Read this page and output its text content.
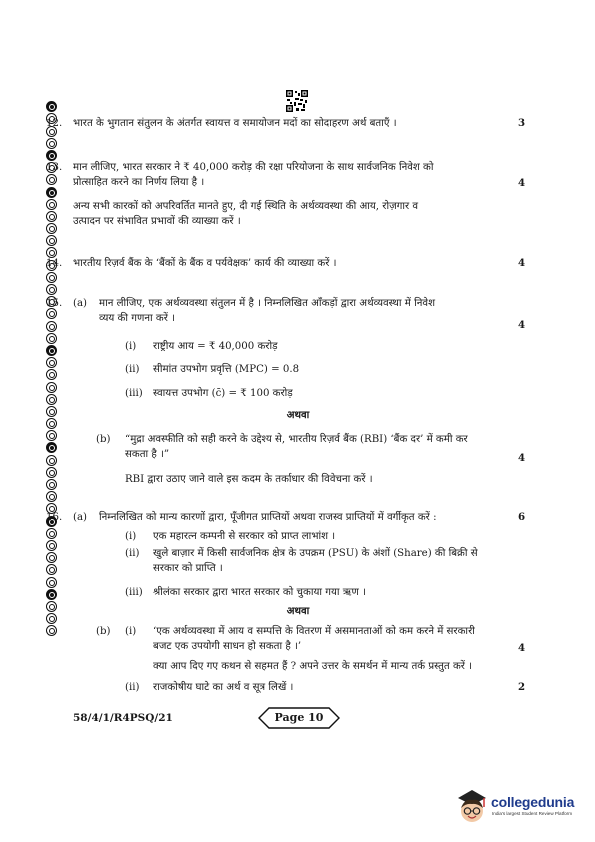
12. भारत के भुगतान संतुलन के अंतर्गत स्वायत्त व समायोजन मदों का सोदाहरण अर्थ बताएँ ।	3
13. मान लीजिए, भारत सरकार ने ₹ 40,000 करोड़ की रक्षा परियोजना के साथ सार्वजनिक निवेश को
प्रोत्साहित करने का निर्णय लिया है ।
अन्य सभी कारकों को अपरिवर्तित मानते हुए, दी गई स्थिति के अर्थव्यवस्था की आय, रोज़गार व
उत्पादन पर संभावित प्रभावों की व्याख्या करें ।
4
14. भारतीय रिज़र्व बैंक के ‘बैंकों के बैंक व पर्यवेक्षक’ कार्य की व्याख्या करें ।	4
15. (a) मान लीजिए, एक अर्थव्यवस्था संतुलन में है । निम्नलिखित आँकड़ों द्वारा अर्थव्यवस्था में निवेश
व्यय की गणना करें ।
4
(i) राष्ट्रीय आय = ₹ 40,000 करोड़
(ii) सीमांत उपभोग प्रवृत्ति (MPC) = 0.8
(iii) स्वायत्त उपभोग (c̄) = ₹ 100 करोड़
अथवा
(b) “मुद्रा अवस्फीति को सही करने के उद्देश्य से, भारतीय रिज़र्व बैंक (RBI) ‘बैंक दर’ में कमी कर
सकता है ।”
RBI द्वारा उठाए जाने वाले इस कदम के तर्काधार की विवेचना करें ।
4
16. (a) निम्नलिखित को मान्य कारणों द्वारा, पूँजीगत प्राप्तियों अथवा राजस्व प्राप्तियों में वर्गीकृत करें :	6
(i) एक महारत्न कम्पनी से सरकार को प्राप्त लाभांश ।
(ii) खुले बाज़ार में किसी सार्वजनिक क्षेत्र के उपक्रम (PSU) के अंशों (Share) की बिक्री से
सरकार को प्राप्ति ।
(iii) श्रीलंका सरकार द्वारा भारत सरकार को चुकाया गया ऋण ।
अथवा
(b) (i) ‘एक अर्थव्यवस्था में आय व सम्पत्ति के वितरण में असमानताओं को कम करने में सरकारी
बजट एक उपयोगी साधन हो सकता है ।’
क्या आप दिए गए कथन से सहमत हैं ? अपने उत्तर के समर्थन में मान्य तर्क प्रस्तुत करें ।
4
(ii) राजकोषीय घाटे का अर्थ व सूत्र लिखें ।	2
58/4/1/R4PSQ/21	Page 10
collegedunia
India's largest Student Review Platform
